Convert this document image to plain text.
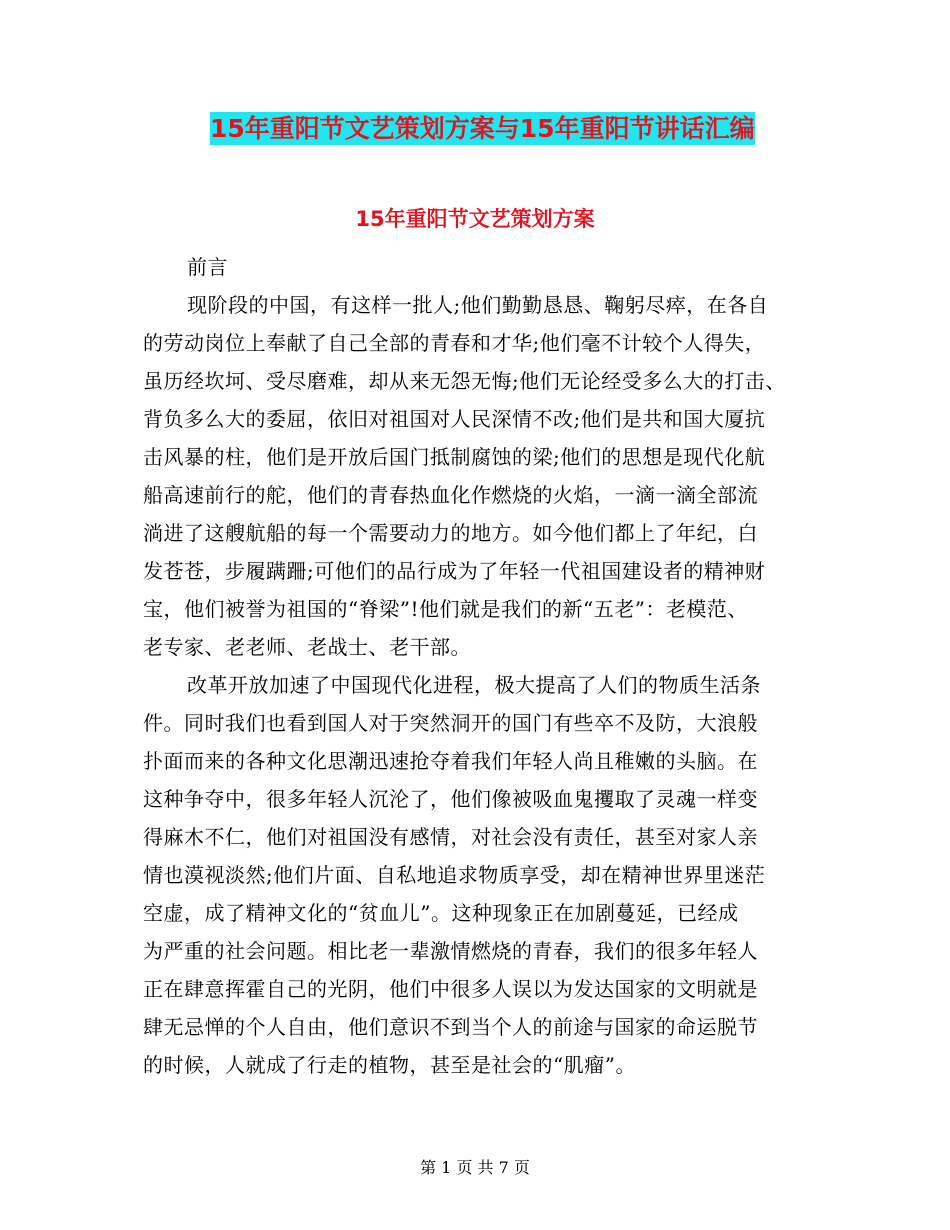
15年重阳节文艺策划方案与15年重阳节讲话汇编
15年重阳节文艺策划方案
前言
现阶段的中国，有这样一批人;他们勤勤恳恳、鞠躬尽瘁，在各自
的劳动岗位上奉献了自己全部的青春和才华;他们毫不计较个人得失，
虽历经坎坷、受尽磨难，却从来无怨无悔;他们无论经受多么大的打击、
背负多么大的委屈，依旧对祖国对人民深情不改;他们是共和国大厦抗
击风暴的柱，他们是开放后国门抵制腐蚀的梁;他们的思想是现代化航
船高速前行的舵，他们的青春热血化作燃烧的火焰，一滴一滴全部流
淌进了这艘航船的每一个需要动力的地方。如今他们都上了年纪，白
发苍苍，步履蹒跚;可他们的品行成为了年轻一代祖国建设者的精神财
宝，他们被誉为祖国的“脊梁”!他们就是我们的新“五老”：老模范、
老专家、老老师、老战士、老干部。
改革开放加速了中国现代化进程，极大提高了人们的物质生活条
件。同时我们也看到国人对于突然洞开的国门有些卒不及防，大浪般
扑面而来的各种文化思潮迅速抢夺着我们年轻人尚且稚嫩的头脑。在
这种争夺中，很多年轻人沉沦了，他们像被吸血鬼攫取了灵魂一样变
得麻木不仁，他们对祖国没有感情，对社会没有责任，甚至对家人亲
情也漠视淡然;他们片面、自私地追求物质享受，却在精神世界里迷茫
空虚，成了精神文化的“贫血儿”。这种现象正在加剧蔓延，已经成
为严重的社会问题。相比老一辈激情燃烧的青春，我们的很多年轻人
正在肆意挥霍自己的光阴，他们中很多人误以为发达国家的文明就是
肆无忌惮的个人自由，他们意识不到当个人的前途与国家的命运脱节
的时候，人就成了行走的植物，甚至是社会的“肌瘤”。
第 1 页 共 7 页
